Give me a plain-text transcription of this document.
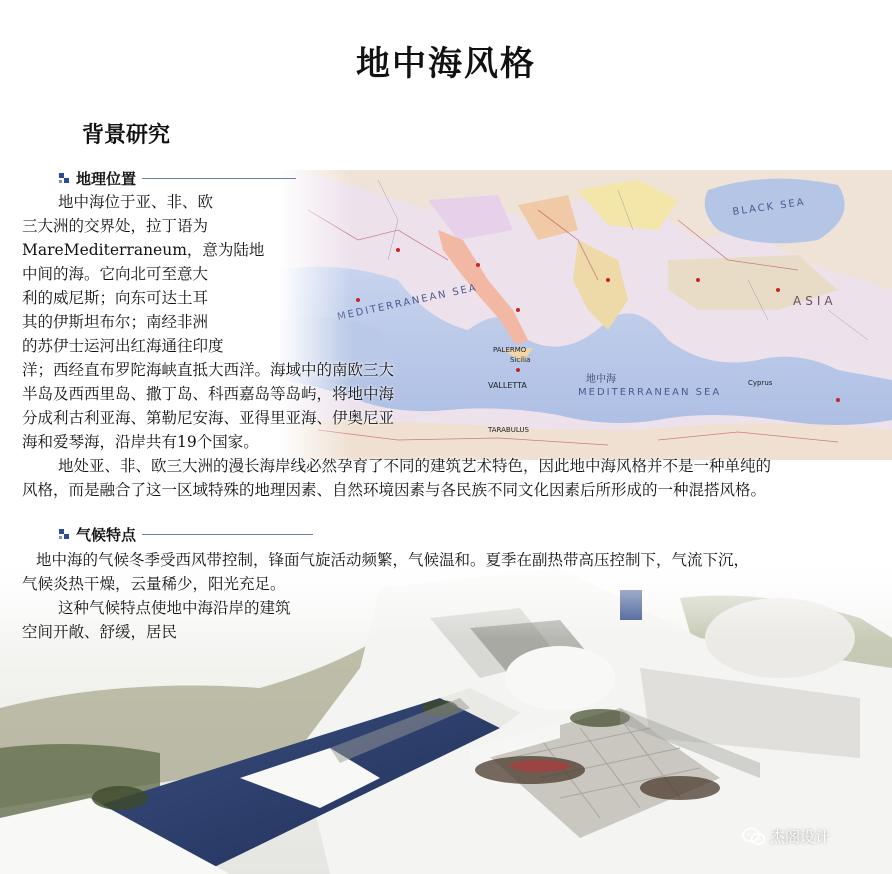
地中海风格
背景研究
地理位置
气候特点
地中海位于亚、非、欧
三大洲的交界处，拉丁语为
MareMediterraneum，意为陆地
中间的海。它向北可至意大
利的威尼斯；向东可达土耳
其的伊斯坦布尔；南经非洲
的苏伊士运河出红海通往印度
洋；西经直布罗陀海峡直抵大西洋。海域中的南欧三大
半岛及西西里岛、撒丁岛、科西嘉岛等岛屿，将地中海
分成利古利亚海、第勒尼安海、亚得里亚海、伊奥尼亚
海和爱琴海，沿岸共有19个国家。
地处亚、非、欧三大洲的漫长海岸线必然孕育了不同的建筑艺术特色，因此地中海风格并不是一种单纯的
风格，而是融合了这一区域特殊的地理因素、自然环境因素与各民族不同文化因素后所形成的一种混搭风格。
地中海的气候冬季受西风带控制，锋面气旋活动频繁，气候温和。夏季在副热带高压控制下，气流下沉，
气候炎热干燥，云量稀少，阳光充足。
这种气候特点使地中海沿岸的建筑
空间开敞、舒缓，居民
杰阁设计
